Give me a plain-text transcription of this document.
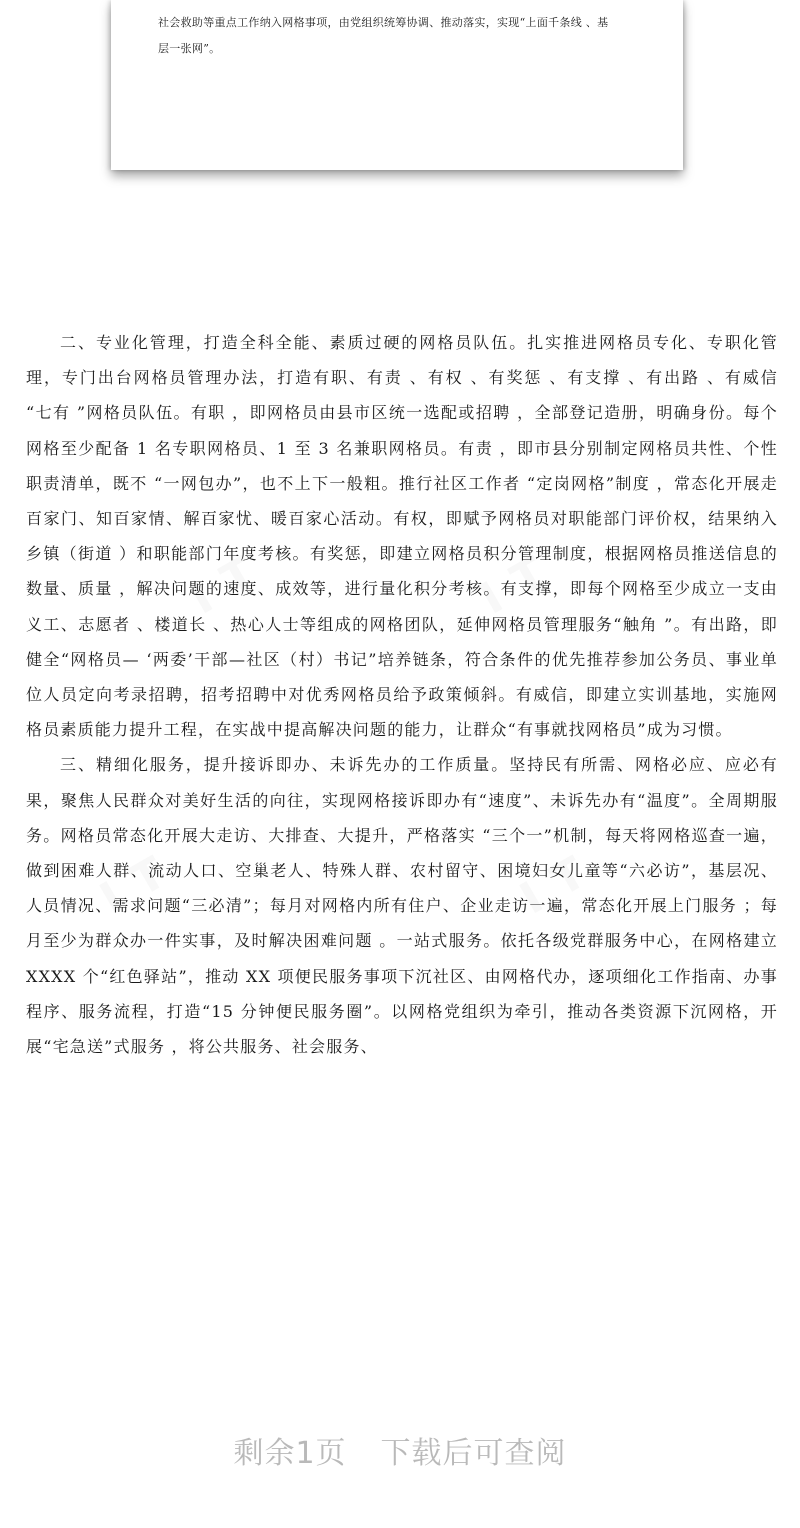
I T	I T
I T	I T

社会救助等重点工作纳入网格事项，由党组织统筹协调、推动落实，实现“上面千条线 、基

层一张网”。

二、专业化管理，打造全科全能、素质过硬的网格员队伍。扎实推进网格员专化、专职化管理，专门出台网格员管理办法，打造有职、有责 、有权 、有奖惩 、有支撑 、有出路 、有威信 “七有 ”网格员队伍。有职 ，即网格员由县市区统一选配或招聘 ，全部登记造册，明确身份。每个网格至少配备 1 名专职网格员、1 至 3 名兼职网格员。有责 ，即市县分别制定网格员共性、个性职责清单，既不 “一网包办”，也不上下一般粗。推行社区工作者 “定岗网格”制度 ，常态化开展走百家门、知百家情、解百家忧、暖百家心活动。有权，即赋予网格员对职能部门评价权，结果纳入乡镇（街道 ）和职能部门年度考核。有奖惩，即建立网格员积分管理制度，根据网格员推送信息的数量、质量 ，解决问题的速度、成效等，进行量化积分考核。有支撑，即每个网格至少成立一支由义工、志愿者 、楼道长 、热心人士等组成的网格团队，延伸网格员管理服务“触角 ”。有出路，即健全“网格员— ‘两委’干部—社区（村）书记”培养链条，符合条件的优先推荐参加公务员、事业单位人员定向考录招聘，招考招聘中对优秀网格员给予政策倾斜。有威信，即建立实训基地，实施网格员素质能力提升工程，在实战中提高解决问题的能力，让群众“有事就找网格员”成为习惯。

三、精细化服务，提升接诉即办、未诉先办的工作质量。坚持民有所需、网格必应、应必有果，聚焦人民群众对美好生活的向往，实现网格接诉即办有“速度”、未诉先办有“温度”。全周期服务。网格员常态化开展大走访、大排查、大提升，严格落实 “三个一”机制，每天将网格巡查一遍，做到困难人群、流动人口、空巢老人、特殊人群、农村留守、困境妇女儿童等“六必访”，基层况、人员情况、需求问题“三必清”；每月对网格内所有住户、企业走访一遍，常态化开展上门服务 ；每月至少为群众办一件实事，及时解决困难问题 。一站式服务。依托各级党群服务中心，在网格建立 XXXX 个“红色驿站”，推动 XX 项便民服务事项下沉社区、由网格代办，逐项细化工作指南、办事程序、服务流程，打造“15 分钟便民服务圈”。以网格党组织为牵引，推动各类资源下沉网格，开展“宅急送”式服务 ，将公共服务、社会服务、

剩余1页 下载后可查阅
